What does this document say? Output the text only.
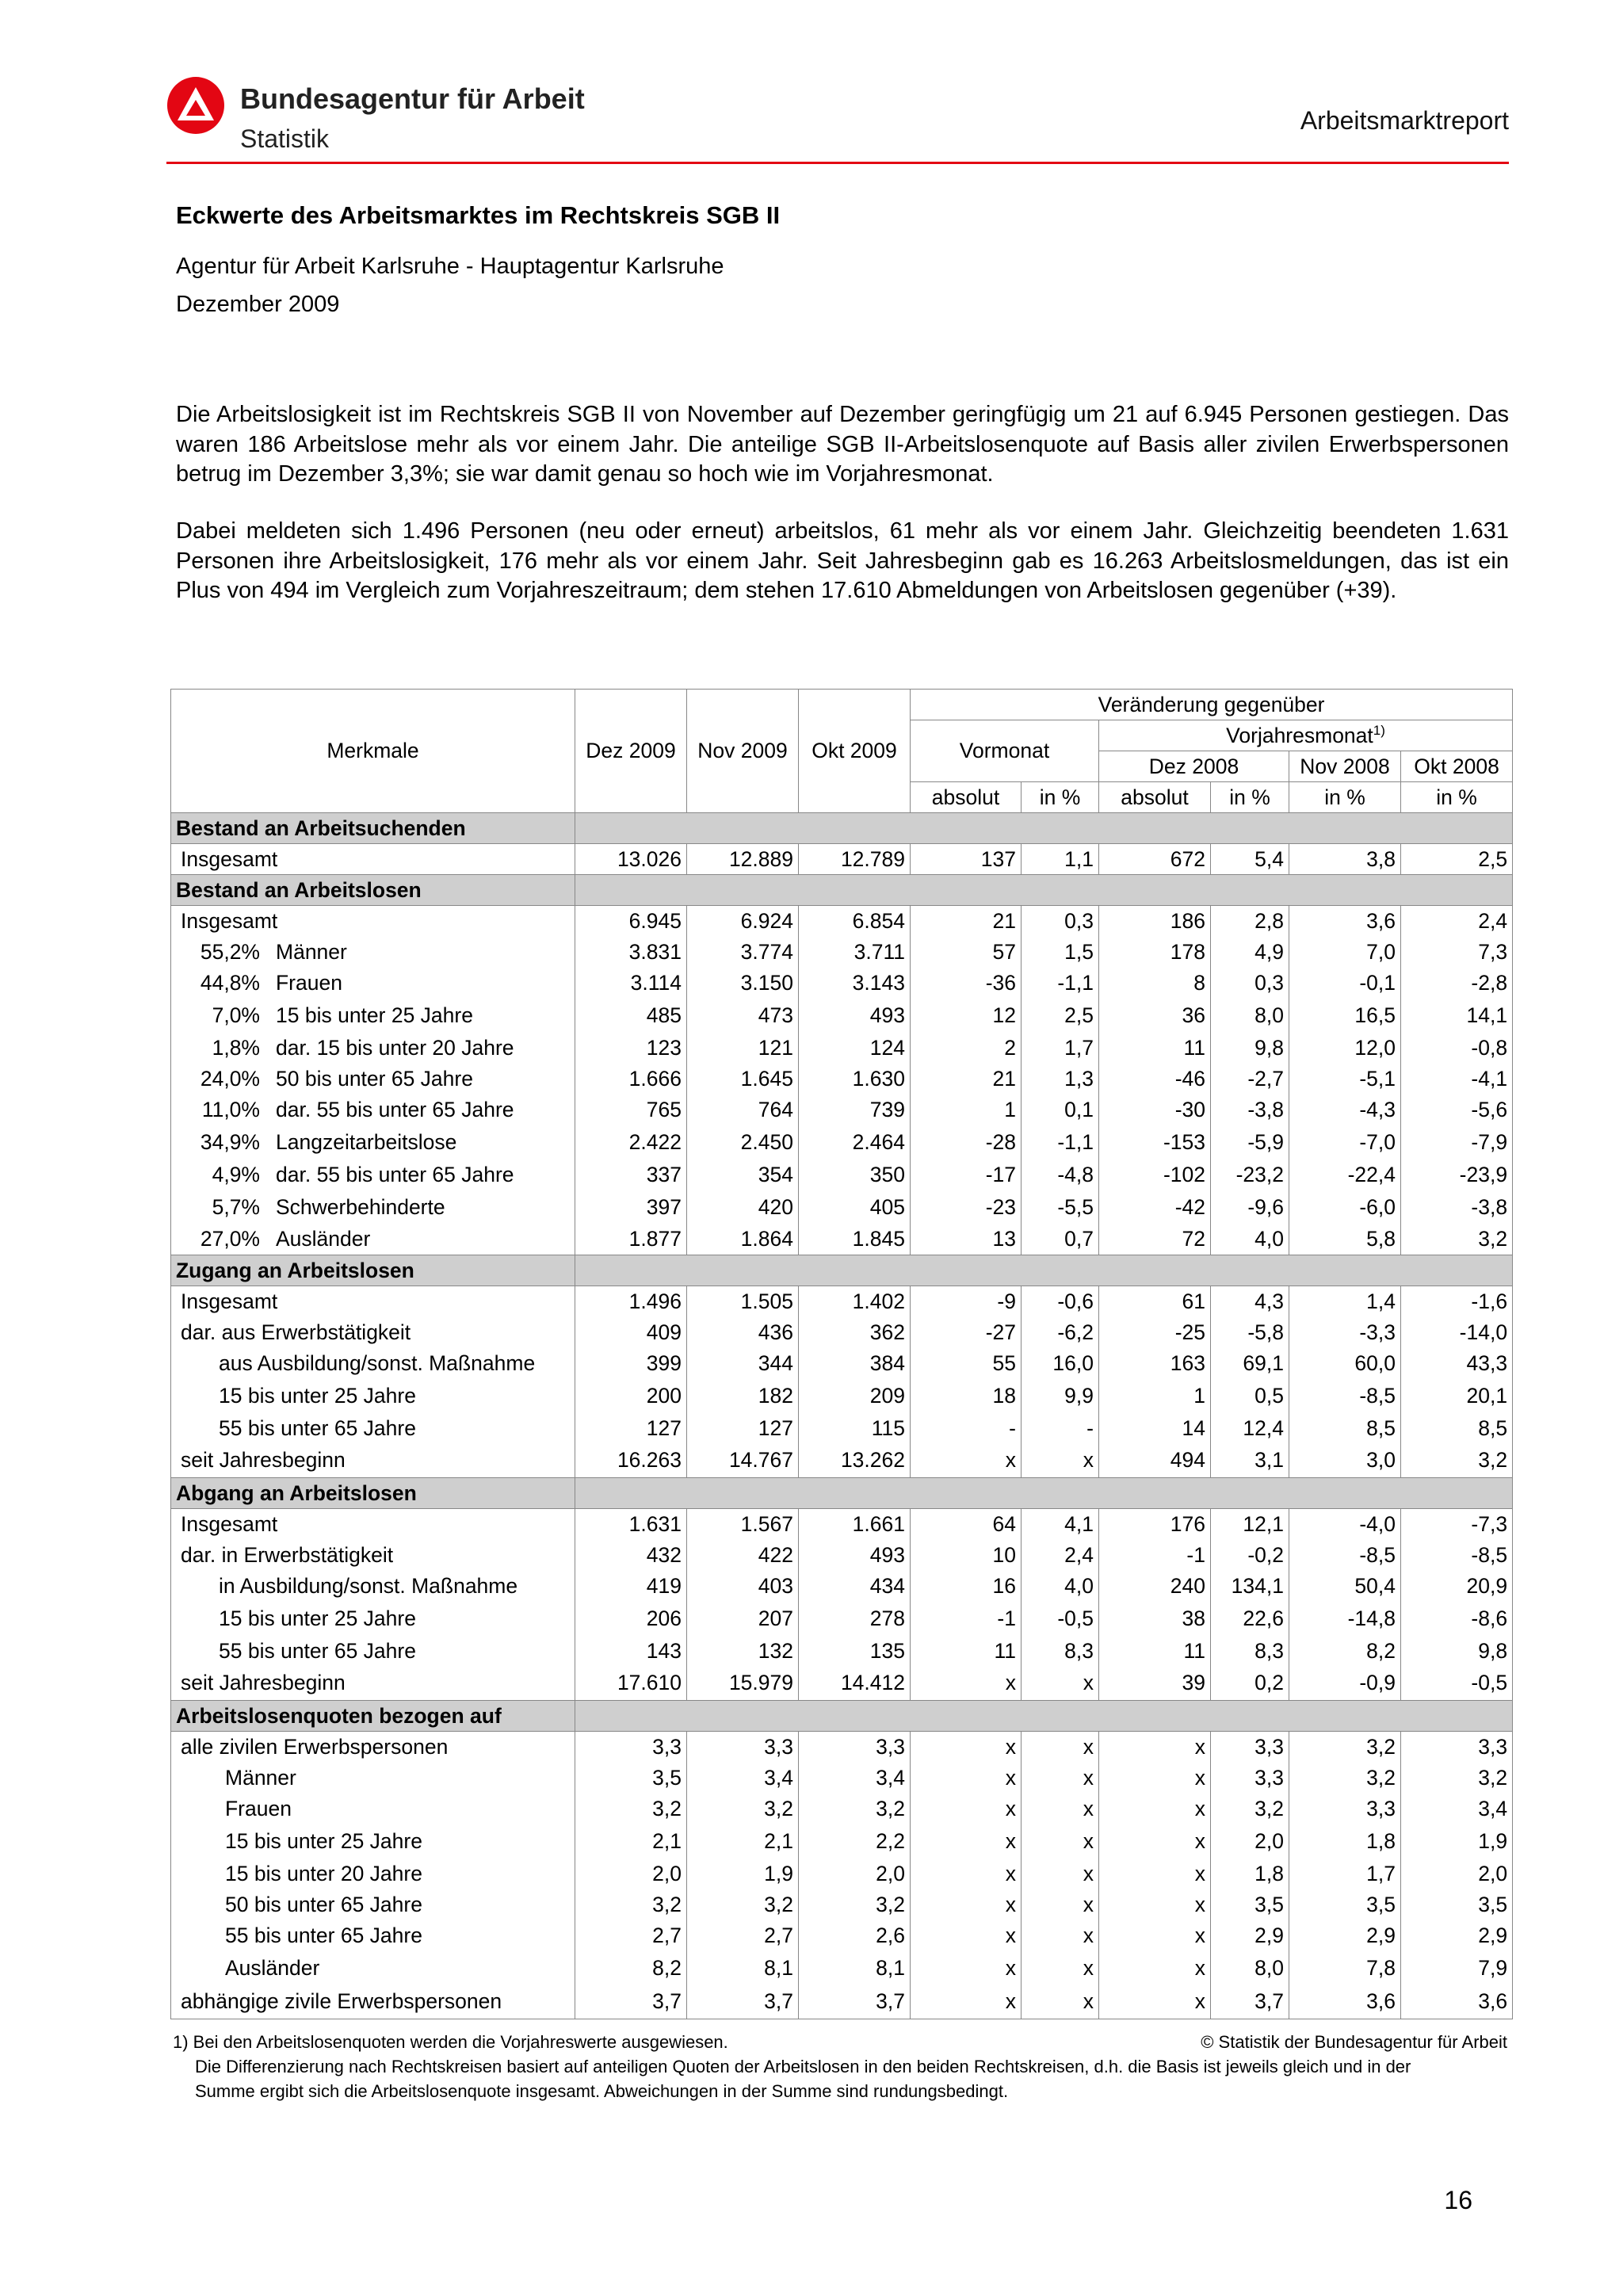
Bundesagentur für Arbeit
Statistik
Arbeitsmarktreport
Eckwerte des Arbeitsmarktes im Rechtskreis SGB II
Agentur für Arbeit Karlsruhe - Hauptagentur Karlsruhe
Dezember 2009

Die Arbeitslosigkeit ist im Rechtskreis SGB II von November auf Dezember geringfügig um 21 auf 6.945 Personen gestiegen. Das waren 186 Arbeitslose mehr als vor einem Jahr. Die anteilige SGB II-Arbeitslosenquote auf Basis aller zivilen Erwerbspersonen betrug im Dezember 3,3%; sie war damit genau so hoch wie im Vorjahresmonat.

Dabei meldeten sich 1.496 Personen (neu oder erneut) arbeitslos, 61 mehr als vor einem Jahr. Gleichzeitig beendeten 1.631 Personen ihre Arbeitslosigkeit, 176 mehr als vor einem Jahr. Seit Jahresbeginn gab es 16.263 Arbeitslosmeldungen, das ist ein Plus von 494 im Vergleich zum Vorjahreszeitraum; dem stehen 17.610 Abmeldungen von Arbeitslosen gegenüber (+39).

Merkmale	Dez 2009	Nov 2009	Okt 2009	Veränderung gegenüber					
				Vormonat		Vorjahresmonat$^{1)}$
						Dez 2008		Nov 2008	Okt 2008
				absolut	in %	absolut	in %	in %	in %
Bestand an Arbeitsuchenden									
Insgesamt	13.026	12.889	12.789	137	1,1	672	5,4	3,8	2,5
Bestand an Arbeitslosen									
Insgesamt	6.945	6.924	6.854	21	0,3	186	2,8	3,6	2,4
55,2% Männer	3.831	3.774	3.711	57	1,5	178	4,9	7,0	7,3
44,8% Frauen	3.114	3.150	3.143	-36	-1,1	8	0,3	-0,1	-2,8
7,0% 15 bis unter 25 Jahre	485	473	493	12	2,5	36	8,0	16,5	14,1
1,8% dar. 15 bis unter 20 Jahre	123	121	124	2	1,7	11	9,8	12,0	-0,8
24,0% 50 bis unter 65 Jahre	1.666	1.645	1.630	21	1,3	-46	-2,7	-5,1	-4,1
11,0% dar. 55 bis unter 65 Jahre	765	764	739	1	0,1	-30	-3,8	-4,3	-5,6
34,9% Langzeitarbeitslose	2.422	2.450	2.464	-28	-1,1	-153	-5,9	-7,0	-7,9
4,9% dar. 55 bis unter 65 Jahre	337	354	350	-17	-4,8	-102	-23,2	-22,4	-23,9
5,7% Schwerbehinderte	397	420	405	-23	-5,5	-42	-9,6	-6,0	-3,8
27,0% Ausländer	1.877	1.864	1.845	13	0,7	72	4,0	5,8	3,2
Zugang an Arbeitslosen									
Insgesamt	1.496	1.505	1.402	-9	-0,6	61	4,3	1,4	-1,6
dar. aus Erwerbstätigkeit	409	436	362	-27	-6,2	-25	-5,8	-3,3	-14,0
aus Ausbildung/sonst. Maßnahme	399	344	384	55	16,0	163	69,1	60,0	43,3
15 bis unter 25 Jahre	200	182	209	18	9,9	1	0,5	-8,5	20,1
55 bis unter 65 Jahre	127	127	115	-	-	14	12,4	8,5	8,5
seit Jahresbeginn	16.263	14.767	13.262	x	x	494	3,1	3,0	3,2
Abgang an Arbeitslosen									
Insgesamt	1.631	1.567	1.661	64	4,1	176	12,1	-4,0	-7,3
dar. in Erwerbstätigkeit	432	422	493	10	2,4	-1	-0,2	-8,5	-8,5
in Ausbildung/sonst. Maßnahme	419	403	434	16	4,0	240	134,1	50,4	20,9
15 bis unter 25 Jahre	206	207	278	-1	-0,5	38	22,6	-14,8	-8,6
55 bis unter 65 Jahre	143	132	135	11	8,3	11	8,3	8,2	9,8
seit Jahresbeginn	17.610	15.979	14.412	x	x	39	0,2	-0,9	-0,5
Arbeitslosenquoten bezogen auf									
alle zivilen Erwerbspersonen	3,3	3,3	3,3	x	x	x	3,3	3,2	3,3
Männer	3,5	3,4	3,4	x	x	x	3,3	3,2	3,2
Frauen	3,2	3,2	3,2	x	x	x	3,2	3,3	3,4
15 bis unter 25 Jahre	2,1	2,1	2,2	x	x	x	2,0	1,8	1,9
15 bis unter 20 Jahre	2,0	1,9	2,0	x	x	x	1,8	1,7	2,0
50 bis unter 65 Jahre	3,2	3,2	3,2	x	x	x	3,5	3,5	3,5
55 bis unter 65 Jahre	2,7	2,7	2,6	x	x	x	2,9	2,9	2,9
Ausländer	8,2	8,1	8,1	x	x	x	8,0	7,8	7,9
abhängige zivile Erwerbspersonen	3,7	3,7	3,7	x	x	x	3,7	3,6	3,6
1) Bei den Arbeitslosenquoten werden die Vorjahreswerte ausgewiesen.	© Statistik der Bundesagentur für Arbeit
Die Differenzierung nach Rechtskreisen basiert auf anteiligen Quoten der Arbeitslosen in den beiden Rechtskreisen, d.h. die Basis ist jeweils gleich und in der
Summe ergibt sich die Arbeitslosenquote insgesamt. Abweichungen in der Summe sind rundungsbedingt.
16
